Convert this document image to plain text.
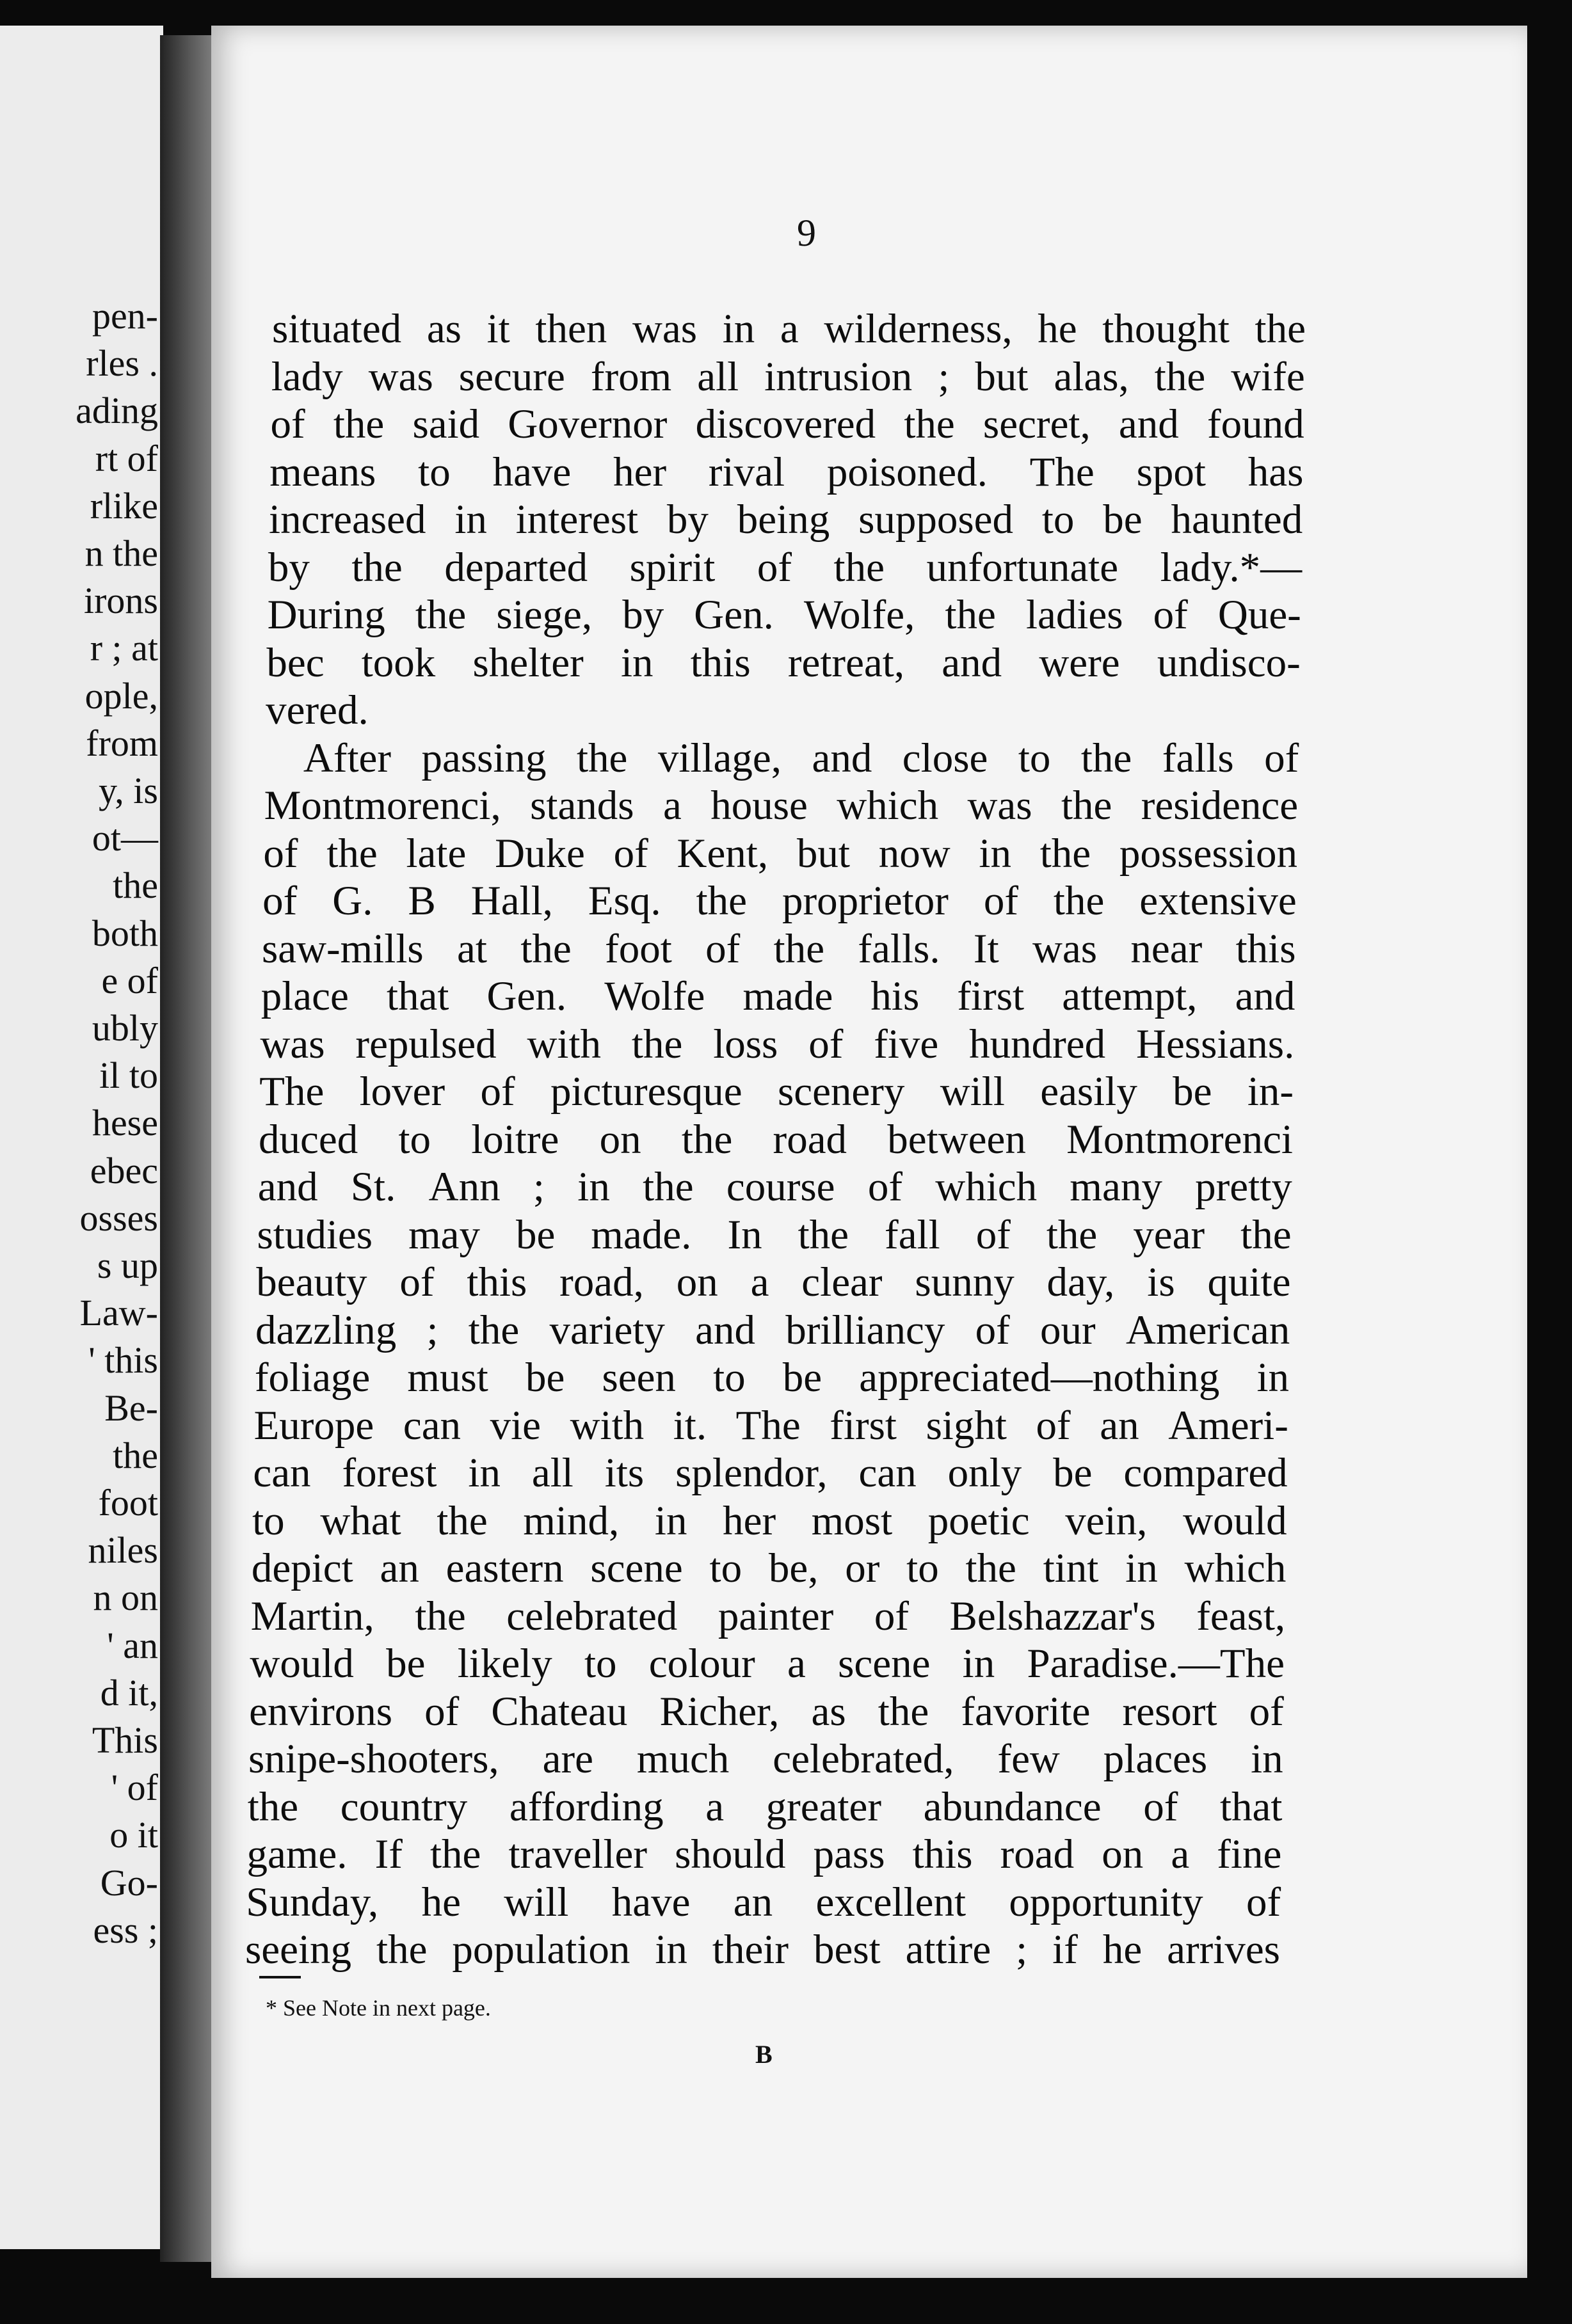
pen-
rles .
ading
rt of
rlike
n the
irons
r ; at
ople,
from
y, is
ot—
the
both
e of
ubly
il to
hese
ebec
osses
s up
Law-
' this
Be-
the
foot
niles
n on
' an
d it,
This
' of
o it
Go-
ess ;
9
situated as it then was in a wilderness, he thought the
lady was secure from all intrusion ; but alas, the wife
of the said Governor discovered the secret, and found
means to have her rival poisoned. The spot has
increased in interest by being supposed to be haunted
by the departed spirit of the unfortunate lady.*—
During the siege, by Gen. Wolfe, the ladies of Que-
bec took shelter in this retreat, and were undisco-
vered.
After passing the village, and close to the falls of
Montmorenci, stands a house which was the residence
of the late Duke of Kent, but now in the possession
of G. B Hall, Esq. the proprietor of the extensive
saw-mills at the foot of the falls. It was near this
place that Gen. Wolfe made his first attempt, and
was repulsed with the loss of five hundred Hessians.
The lover of picturesque scenery will easily be in-
duced to loitre on the road between Montmorenci
and St. Ann ; in the course of which many pretty
studies may be made. In the fall of the year the
beauty of this road, on a clear sunny day, is quite
dazzling ; the variety and brilliancy of our American
foliage must be seen to be appreciated—nothing in
Europe can vie with it. The first sight of an Ameri-
can forest in all its splendor, can only be compared
to what the mind, in her most poetic vein, would
depict an eastern scene to be, or to the tint in which
Martin, the celebrated painter of Belshazzar's feast,
would be likely to colour a scene in Paradise.—The
environs of Chateau Richer, as the favorite resort of
snipe-shooters, are much celebrated, few places in
the country affording a greater abundance of that
game. If the traveller should pass this road on a fine
Sunday, he will have an excellent opportunity of
seeing the population in their best attire ; if he arrives
* See Note in next page.
B
